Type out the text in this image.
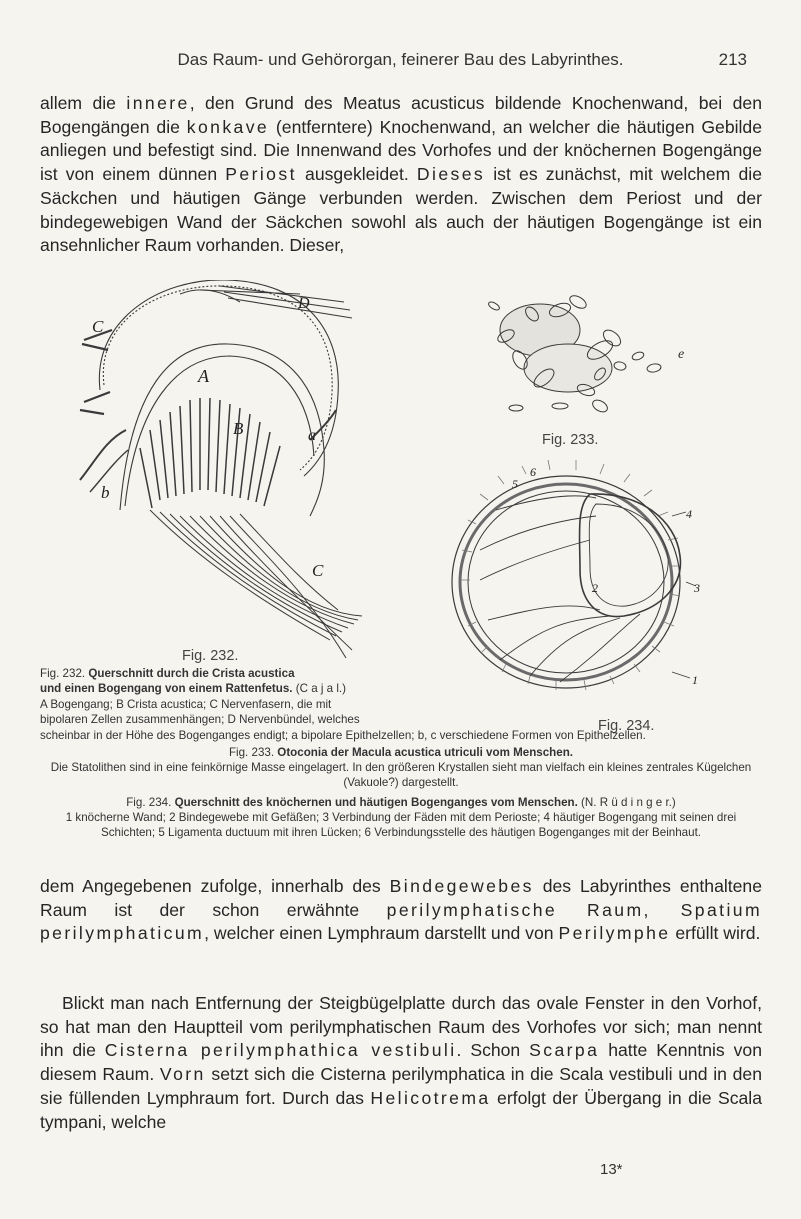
Das Raum- und Gehörorgan, feinerer Bau des Labyrinthes.	213

allem die innere, den Grund des Meatus acusticus bildende Knochenwand, bei den Bogengängen die konkave (entferntere) Knochenwand, an welcher die häutigen Gebilde anliegen und befestigt sind. Die Innenwand des Vorhofes und der knöchernen Bogengänge ist von einem dünnen Periost ausgekleidet. Dieses ist es zunächst, mit welchem die Säckchen und häutigen Gänge verbunden werden. Zwischen dem Periost und der bindegewebigen Wand der Säckchen sowohl als auch der häutigen Bogengänge ist ein ansehnlicher Raum vorhanden. Dieser,

C
D
A
B
b
a
C
e
Fig. 233.
5
6
4
2	3
1
Fig. 232.
Fig. 234.

Fig. 232. Querschnitt durch die Crista acustica

und einen Bogengang von einem Rattenfetus. (C a j a l.)

A Bogengang; B Crista acustica; C Nervenfasern, die mit

bipolaren Zellen zusammenhängen; D Nervenbündel, welches

scheinbar in der Höhe des Bogenganges endigt; a bipolare Epithelzellen; b, c verschiedene Formen von Epithelzellen.

Fig. 233. Otoconia der Macula acustica utriculi vom Menschen.
Die Statolithen sind in eine feinkörnige Masse eingelagert. In den größeren Krystallen sieht man vielfach ein kleines zentrales Kügelchen (Vakuole?) dargestellt.

Fig. 234. Querschnitt des knöchernen und häutigen Bogenganges vom Menschen. (N. R ü d i n g e r.)
1 knöcherne Wand; 2 Bindegewebe mit Gefäßen; 3 Verbindung der Fäden mit dem Perioste; 4 häutiger Bogengang mit seinen drei Schichten; 5 Ligamenta ductuum mit ihren Lücken; 6 Verbindungsstelle des häutigen Bogenganges mit der Beinhaut.

dem Angegebenen zufolge, innerhalb des Bindegewebes des Labyrinthes enthaltene Raum ist der schon erwähnte perilymphatische Raum, Spatium perilymphaticum, welcher einen Lymphraum darstellt und von Perilymphe erfüllt wird.

Blickt man nach Entfernung der Steigbügelplatte durch das ovale Fenster in den Vorhof, so hat man den Hauptteil vom perilymphatischen Raum des Vorhofes vor sich; man nennt ihn die Cisterna perilymphathica vestibuli. Schon Scarpa hatte Kenntnis von diesem Raum. Vorn setzt sich die Cisterna perilymphatica in die Scala vestibuli und in den sie füllenden Lymphraum fort. Durch das Helicotrema erfolgt der Übergang in die Scala tympani, welche

13*
